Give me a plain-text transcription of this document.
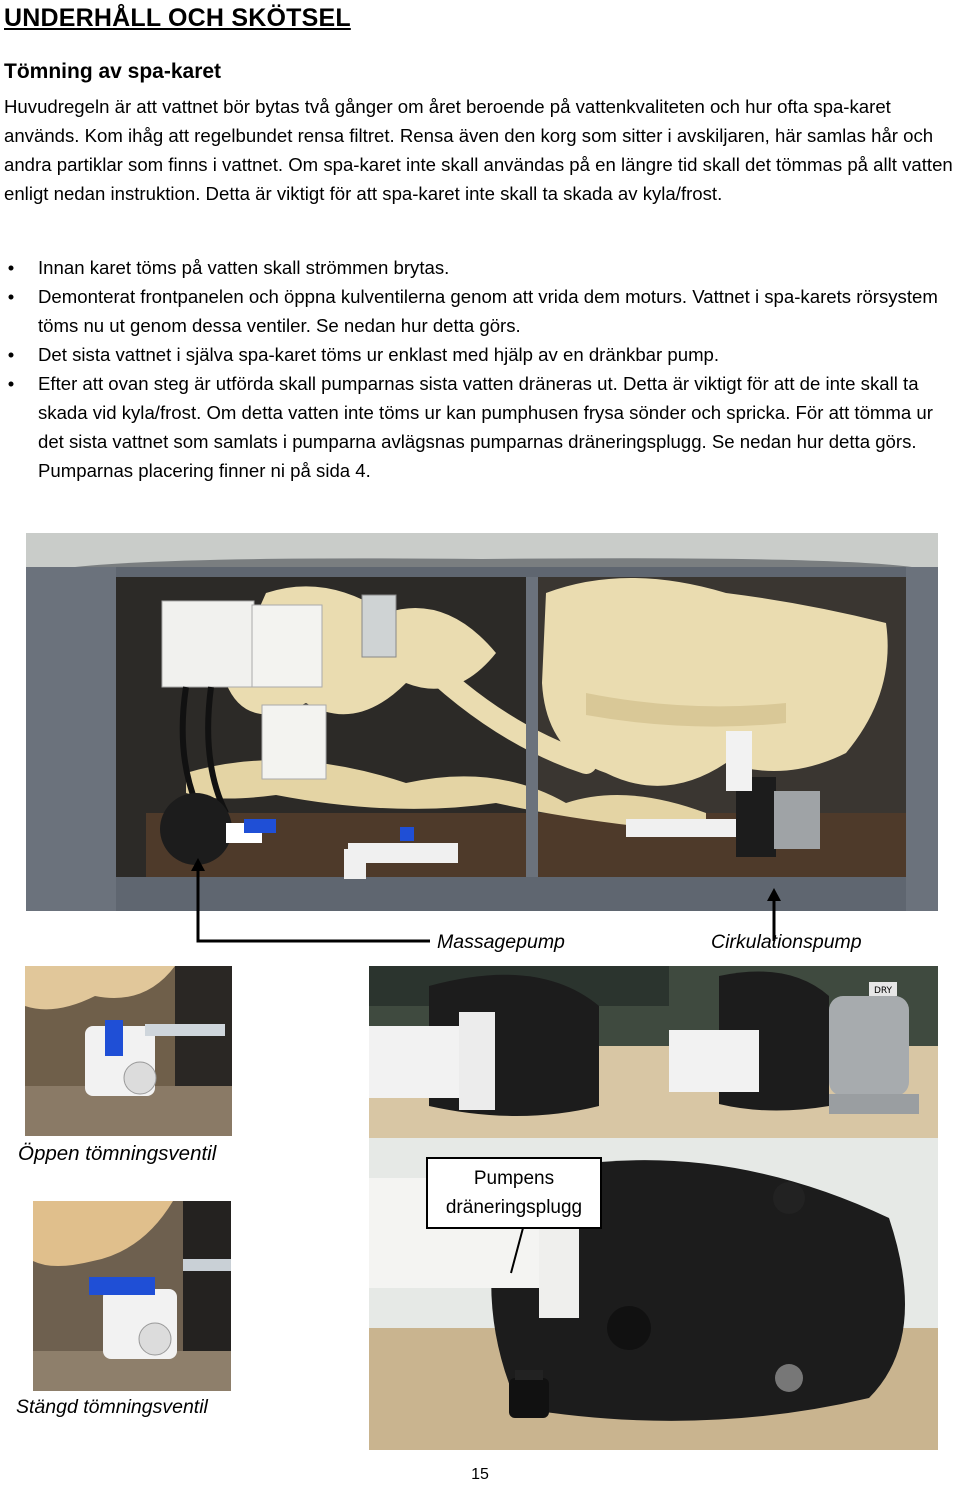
UNDERHÅLL OCH SKÖTSEL
Tömning av spa-karet

Huvudregeln är att vattnet bör bytas två gånger om året beroende på vattenkvaliteten och hur ofta spa-karet används. Kom ihåg att regelbundet rensa filtret. Rensa även den korg som sitter i avskiljaren, här samlas hår och andra partiklar som finns i vattnet. Om spa-karet inte skall användas på en längre tid skall det tömmas på allt vatten enligt nedan instruktion. Detta är viktigt för att spa-karet inte skall ta skada av kyla/frost.

• Innan karet töms på vatten skall strömmen brytas.
• Demonterat frontpanelen och öppna kulventilerna genom att vrida dem moturs. Vattnet i spa-karets rörsystem töms nu ut genom dessa ventiler. Se nedan hur detta görs.
• Det sista vattnet i själva spa-karet töms ur enklast med hjälp av en dränkbar pump.
• Efter att ovan steg är utförda skall pumparnas sista vatten dräneras ut. Detta är viktigt för att de inte skall ta skada vid kyla/frost. Om detta vatten inte töms ur kan pumphusen frysa sönder och spricka. För att tömma ur det sista vattnet som samlats i pumparna avlägsnas pumparnas dräneringsplugg. Se nedan hur detta görs. Pumparnas placering finner ni på sida 4.
Massagepump	Cirkulationspump
Öppen tömningsventil
Stängd tömningsventil
DRY
Pumpens
dräneringsplugg
15
